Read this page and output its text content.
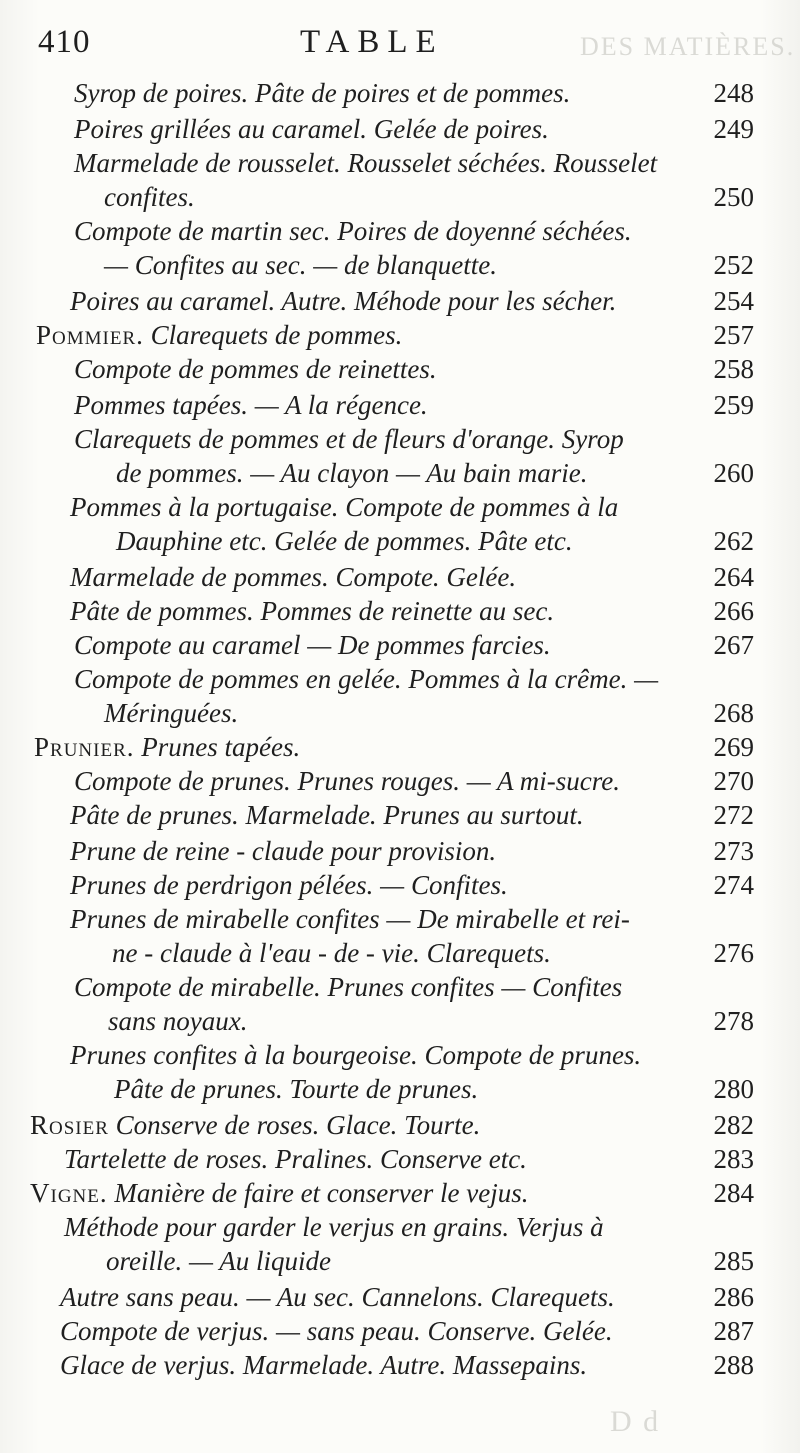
DES MATIÈRES.
D d
410	TABLE
Syrop de poires. Pâte de poires et de pommes.	248
Poires grillées au caramel. Gelée de poires.	249
Marmelade de rousselet. Rousselet séchées. Rousselet
confites.	250
Compote de martin sec. Poires de doyenné séchées.
— Confites au sec. — de blanquette.	252
Poires au caramel. Autre. Méhode pour les sécher.	254
Pommier. Clarequets de pommes.	257
Compote de pommes de reinettes.	258
Pommes tapées. — A la régence.	259
Clarequets de pommes et de fleurs d'orange. Syrop
de pommes. — Au clayon — Au bain marie.	260
Pommes à la portugaise. Compote de pommes à la
Dauphine etc. Gelée de pommes. Pâte etc.	262
Marmelade de pommes. Compote. Gelée.	264
Pâte de pommes. Pommes de reinette au sec.	266
Compote au caramel — De pommes farcies.	267
Compote de pommes en gelée. Pommes à la crême. —
Méringuées.	268
Prunier. Prunes tapées.	269
Compote de prunes. Prunes rouges. — A mi-sucre.	270
Pâte de prunes. Marmelade. Prunes au surtout.	272
Prune de reine - claude pour provision.	273
Prunes de perdrigon pélées. — Confites.	274
Prunes de mirabelle confites — De mirabelle et rei-
ne - claude à l'eau - de - vie. Clarequets.	276
Compote de mirabelle. Prunes confites — Confites
sans noyaux.	278
Prunes confites à la bourgeoise. Compote de prunes.
Pâte de prunes. Tourte de prunes.	280
Rosier Conserve de roses. Glace. Tourte.	282
Tartelette de roses. Pralines. Conserve etc.	283
Vigne. Manière de faire et conserver le vejus.	284
Méthode pour garder le verjus en grains. Verjus à
oreille. — Au liquide	285
Autre sans peau. — Au sec. Cannelons. Clarequets.	286
Compote de verjus. — sans peau. Conserve. Gelée.	287
Glace de verjus. Marmelade. Autre. Massepains.	288
